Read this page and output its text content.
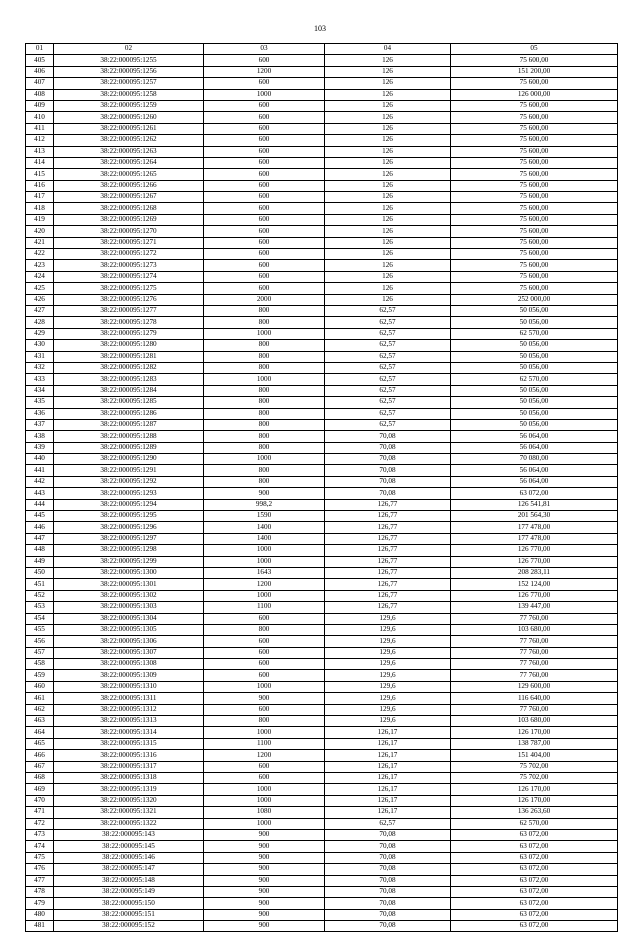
103
01	02	03	04	05
405	38:22:000095:1255	600	126	75 600,00
406	38:22:000095:1256	1200	126	151 200,00
407	38:22:000095:1257	600	126	75 600,00
408	38:22:000095:1258	1000	126	126 000,00
409	38:22:000095:1259	600	126	75 600,00
410	38:22:000095:1260	600	126	75 600,00
411	38:22:000095:1261	600	126	75 600,00
412	38:22:000095:1262	600	126	75 600,00
413	38:22:000095:1263	600	126	75 600,00
414	38:22:000095:1264	600	126	75 600,00
415	38:22:000095:1265	600	126	75 600,00
416	38:22:000095:1266	600	126	75 600,00
417	38:22:000095:1267	600	126	75 600,00
418	38:22:000095:1268	600	126	75 600,00
419	38:22:000095:1269	600	126	75 600,00
420	38:22:000095:1270	600	126	75 600,00
421	38:22:000095:1271	600	126	75 600,00
422	38:22:000095:1272	600	126	75 600,00
423	38:22:000095:1273	600	126	75 600,00
424	38:22:000095:1274	600	126	75 600,00
425	38:22:000095:1275	600	126	75 600,00
426	38:22:000095:1276	2000	126	252 000,00
427	38:22:000095:1277	800	62,57	50 056,00
428	38:22:000095:1278	800	62,57	50 056,00
429	38:22:000095:1279	1000	62,57	62 570,00
430	38:22:000095:1280	800	62,57	50 056,00
431	38:22:000095:1281	800	62,57	50 056,00
432	38:22:000095:1282	800	62,57	50 056,00
433	38:22:000095:1283	1000	62,57	62 570,00
434	38:22:000095:1284	800	62,57	50 056,00
435	38:22:000095:1285	800	62,57	50 056,00
436	38:22:000095:1286	800	62,57	50 056,00
437	38:22:000095:1287	800	62,57	50 056,00
438	38:22:000095:1288	800	70,08	56 064,00
439	38:22:000095:1289	800	70,08	56 064,00
440	38:22:000095:1290	1000	70,08	70 080,00
441	38:22:000095:1291	800	70,08	56 064,00
442	38:22:000095:1292	800	70,08	56 064,00
443	38:22:000095:1293	900	70,08	63 072,00
444	38:22:000095:1294	998,2	126,77	126 541,81
445	38:22:000095:1295	1590	126,77	201 564,30
446	38:22:000095:1296	1400	126,77	177 478,00
447	38:22:000095:1297	1400	126,77	177 478,00
448	38:22:000095:1298	1000	126,77	126 770,00
449	38:22:000095:1299	1000	126,77	126 770,00
450	38:22:000095:1300	1643	126,77	208 283,11
451	38:22:000095:1301	1200	126,77	152 124,00
452	38:22:000095:1302	1000	126,77	126 770,00
453	38:22:000095:1303	1100	126,77	139 447,00
454	38:22:000095:1304	600	129,6	77 760,00
455	38:22:000095:1305	800	129,6	103 680,00
456	38:22:000095:1306	600	129,6	77 760,00
457	38:22:000095:1307	600	129,6	77 760,00
458	38:22:000095:1308	600	129,6	77 760,00
459	38:22:000095:1309	600	129,6	77 760,00
460	38:22:000095:1310	1000	129,6	129 600,00
461	38:22:000095:1311	900	129,6	116 640,00
462	38:22:000095:1312	600	129,6	77 760,00
463	38:22:000095:1313	800	129,6	103 680,00
464	38:22:000095:1314	1000	126,17	126 170,00
465	38:22:000095:1315	1100	126,17	138 787,00
466	38:22:000095:1316	1200	126,17	151 404,00
467	38:22:000095:1317	600	126,17	75 702,00
468	38:22:000095:1318	600	126,17	75 702,00
469	38:22:000095:1319	1000	126,17	126 170,00
470	38:22:000095:1320	1000	126,17	126 170,00
471	38:22:000095:1321	1080	126,17	136 263,60
472	38:22:000095:1322	1000	62,57	62 570,00
473	38:22:000095:143	900	70,08	63 072,00
474	38:22:000095:145	900	70,08	63 072,00
475	38:22:000095:146	900	70,08	63 072,00
476	38:22:000095:147	900	70,08	63 072,00
477	38:22:000095:148	900	70,08	63 072,00
478	38:22:000095:149	900	70,08	63 072,00
479	38:22:000095:150	900	70,08	63 072,00
480	38:22:000095:151	900	70,08	63 072,00
481	38:22:000095:152	900	70,08	63 072,00
